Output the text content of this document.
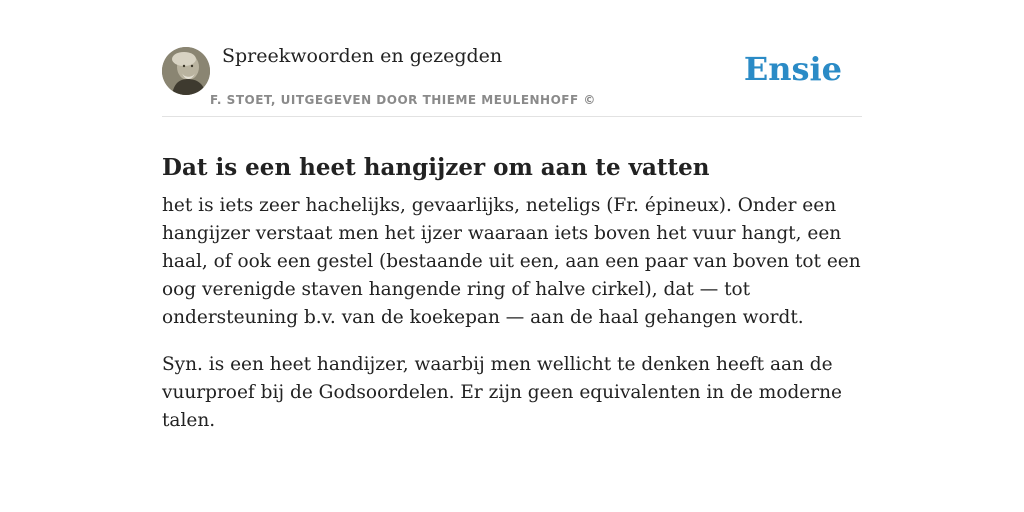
Spreekwoorden en gezegden
F. STOET, UITGEGEVEN DOOR THIEME MEULENHOFF ©
Ensie
Dat is een heet hangijzer om aan te vatten

het is iets zeer hachelijks, gevaarlijks, neteligs (Fr. épineux). Onder een hangijzer verstaat men het ijzer waaraan iets boven het vuur hangt, een haal, of ook een gestel (bestaande uit een, aan een paar van boven tot een oog verenigde staven hangende ring of halve cirkel), dat — tot ondersteuning b.v. van de koekepan — aan de haal gehangen wordt.

Syn. is een heet handijzer, waarbij men wellicht te denken heeft aan de vuurproef bij de Godsoordelen. Er zijn geen equivalenten in de moderne talen.
